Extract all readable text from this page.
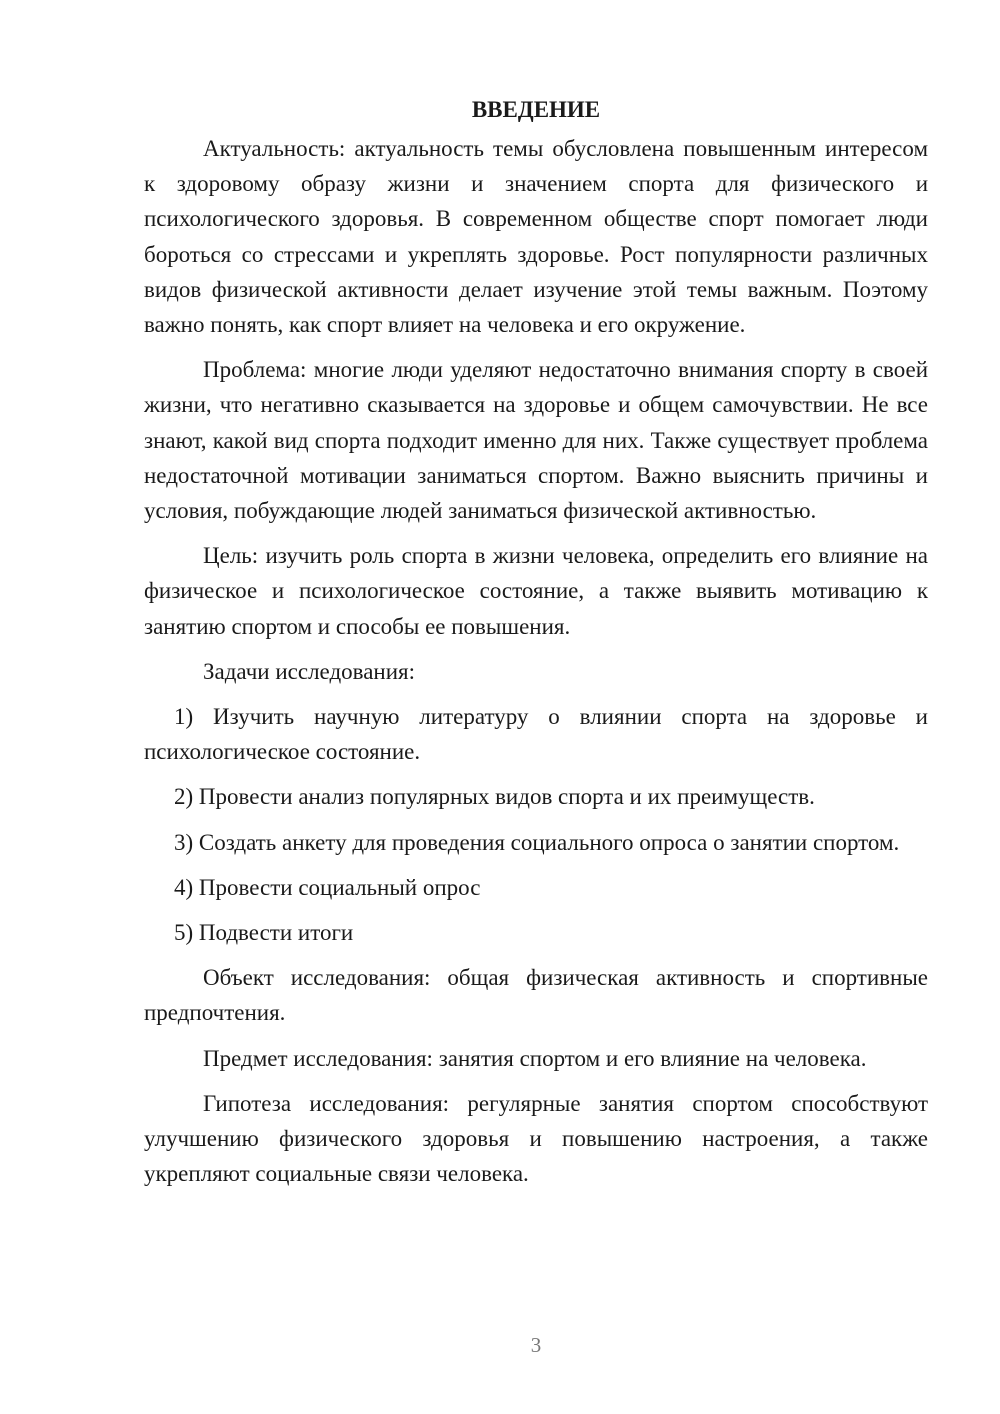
ВВЕДЕНИЕ

Актуальность: актуальность темы обусловлена повышенным интересом к здоровому образу жизни и значением спорта для физического и психологического здоровья. В современном обществе спорт помогает люди бороться со стрессами и укреплять здоровье. Рост популярности различных видов физической активности делает изучение этой темы важным. Поэтому важно понять, как спорт влияет на человека и его окружение.

Проблема: многие люди уделяют недостаточно внимания спорту в своей жизни, что негативно сказывается на здоровье и общем самочувствии. Не все знают, какой вид спорта подходит именно для них. Также существует проблема недостаточной мотивации заниматься спортом. Важно выяснить причины и условия, побуждающие людей заниматься физической активностью.

Цель: изучить роль спорта в жизни человека, определить его влияние на физическое и психологическое состояние, а также выявить мотивацию к занятию спортом и способы ее повышения.

Задачи исследования:

1) Изучить научную литературу о влиянии спорта на здоровье и психологическое состояние.

2) Провести анализ популярных видов спорта и их преимуществ.

3) Создать анкету для проведения социального опроса о занятии спортом.

4) Провести социальный опрос

5) Подвести итоги

Объект исследования: общая физическая активность и спортивные предпочтения.

Предмет исследования: занятия спортом и его влияние на человека.

Гипотеза исследования: регулярные занятия спортом способствуют улучшению физического здоровья и повышению настроения, а также укрепляют социальные связи человека.

3
